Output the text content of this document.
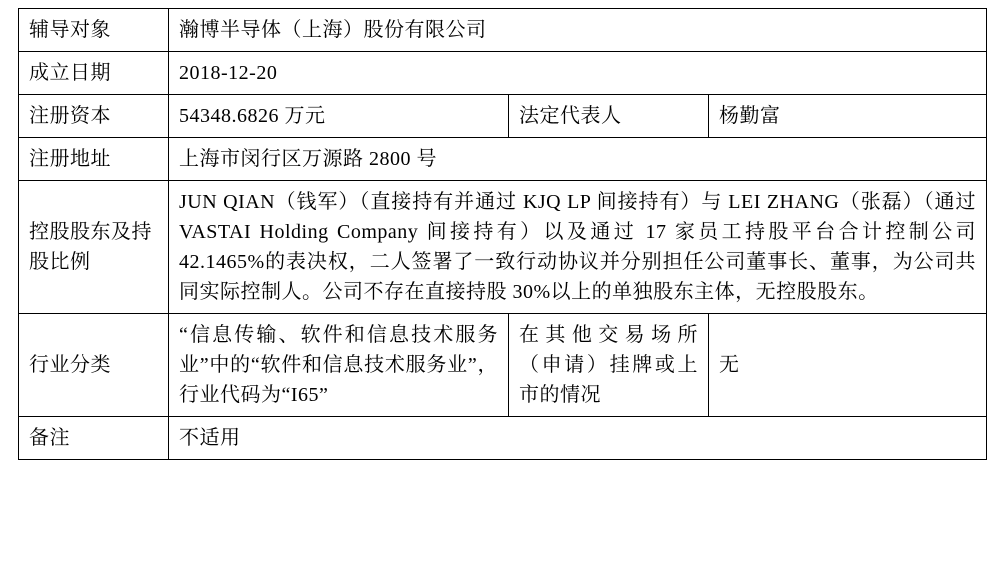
辅导对象	瀚博半导体（上海）股份有限公司		
成立日期	2018-12-20		
注册资本	54348.6826 万元	法定代表人	杨勤富
注册地址	上海市闵行区万源路 2800 号		
控股股东及持股比例	JUN QIAN（钱军）（直接持有并通过 KJQ LP 间接持有）与 LEI ZHANG（张磊）（通过 VASTAI Holding Company 间接持有）以及通过 17 家员工持股平台合计控制公司 42.1465%的表决权，二人签署了一致行动协议并分别担任公司董事长、董事，为公司共同实际控制人。公司不存在直接持股 30%以上的单独股东主体，无控股股东。		
行业分类	“信息传输、软件和信息技术服务业”中的“软件和信息技术服务业”，行业代码为“I65”	在其他交易场所（申请）挂牌或上市的情况	无
备注	不适用		
